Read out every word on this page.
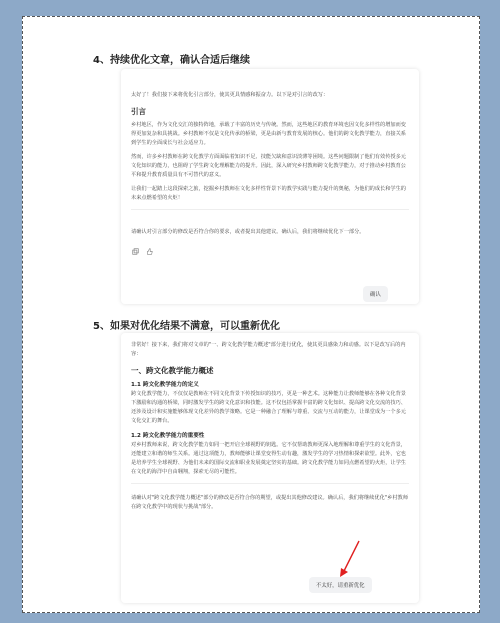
4、持续优化文章，确认合适后继续
太好了！我们接下来将优化引言部分，使其更具情感和振奋力。以下是对引言的改写：
引言
乡村地区，作为文化交汇的独特阵地，承载了丰富的历史与传统。然而，这些地区的教育环境也因文化多样性的增加而变得更加复杂和具挑战。乡村教师不仅是文化传承的桥梁，更是由新与教育发展的核心。他们的跨文化教学能力，直接关系到学生的全面成长与社会适应力。
然而，许多乡村教师在跨文化教学方面面临着知识不足、技能欠缺和意识淡薄等困境。这些问题限制了他们有效传授多元文化知识的能力，也阻碍了学生跨文化理解能力的提升。因此，深入研究乡村教师跨文化教学能力，对于推动乡村教育公平和提升教育质量具有不可替代的意义。
让我们一起踏上这段探索之旅，挖掘乡村教师在文化多样性背景下的教学实践与能力提升的奥秘，为他们的成长和学生的未来点燃希望的火炬！
请确认对引言部分的修改是否符合你的要求，或者提出其他建议。确认后，我们将继续优化下一部分。
确认
5、如果对优化结果不满意，可以重新优化
非常好！接下来，我们将对文章的"一、跨文化教学能力概述"部分进行优化，使其更具感染力和动感。以下是改写后的内容：
一、跨文化教学能力概述
1.1 跨文化教学能力的定义
跨文化教学能力，不仅仅是教师在不同文化背景下传授知识的技巧，更是一种艺术。这种能力让教师能够在各种文化背景下激励和沟通的桥梁，同时激发学生的跨文化意识和技能。这不仅包括掌握丰富的跨文化知识、提高跨文化交流的技巧、还涉及设计和实施能够体现文化差异的教学策略。它是一种融合了理解与尊重、交流与互动的能力，让课堂成为一个多元文化交汇的舞台。
1.2 跨文化教学能力的重要性
对乡村教师来说，跨文化教学能力如同一把开启全球视野的钥匙。它不仅帮助教师更深入地理解和尊重学生的文化背景，还能建立和谐的师生关系。通过这项能力，教师能够让课堂变得生动有趣，激发学生的学习热情和探索欲望。此外，它也是培养学生全球视野、为他们未来的国际交流和职业发展奠定坚实的基础。跨文化教学能力如同点燃希望的火炬，让学生在文化的海洋中自由翱翔，探索无尽的可能性。
请确认对"跨文化教学能力概述"部分的修改是否符合你的期望，或提出其他修改建议。确认后，我们将继续优化"乡村教师在跨文化教学中的现状与挑战"部分。
不太好，请重新优化
